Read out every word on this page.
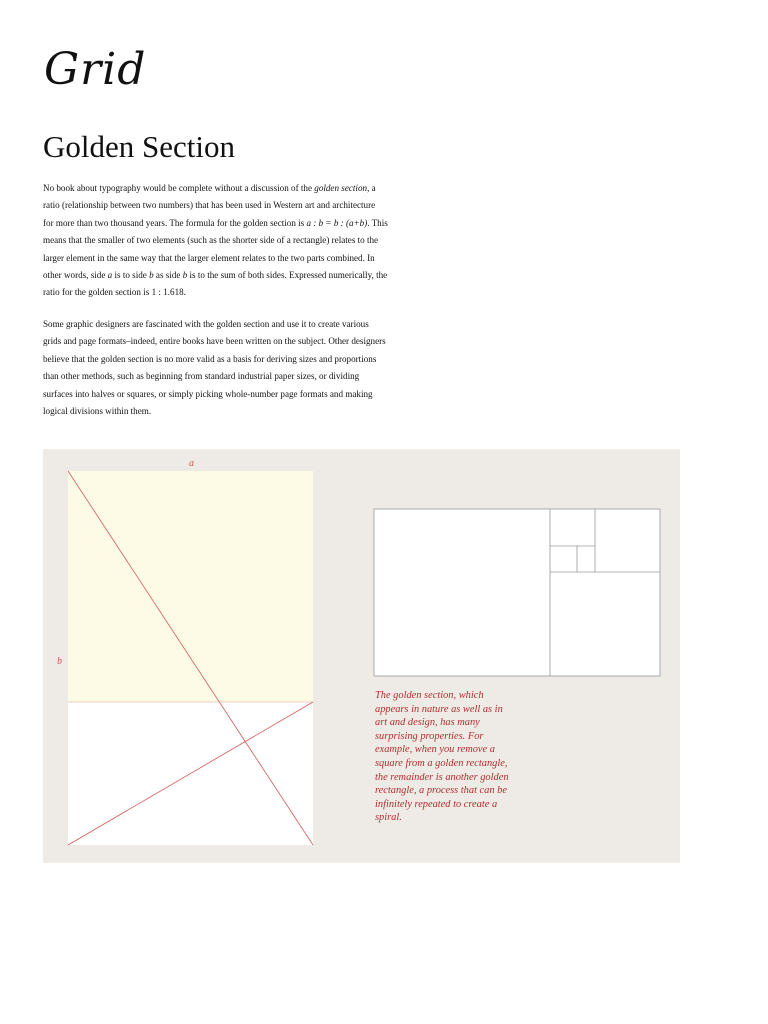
Grid
Golden Section

No book about typography would be complete without a discussion of the golden section, a ratio (relationship between two numbers) that has been used in Western art and architecture for more than two thousand years. The formula for the golden section is a : b = b : (a+b). This means that the smaller of two elements (such as the shorter side of a rectangle) relates to the larger element in the same way that the larger element relates to the two parts combined. In other words, side a is to side b as side b is to the sum of both sides. Expressed numerically, the ratio for the golden section is 1 : 1.618.

Some graphic designers are fascinated with the golden section and use it to create various grids and page formats–indeed, entire books have been written on the subject. Other designers believe that the golden section is no more valid as a basis for deriving sizes and proportions than other methods, such as beginning from standard industrial paper sizes, or dividing surfaces into halves or squares, or simply picking whole-number page formats and making logical divisions within them.

a
b

The golden section, which appears in nature as well as in art and design, has many surprising properties. For example, when you remove a square from a golden rectangle, the remainder is another golden rectangle, a process that can be infinitely repeated to create a spiral.
